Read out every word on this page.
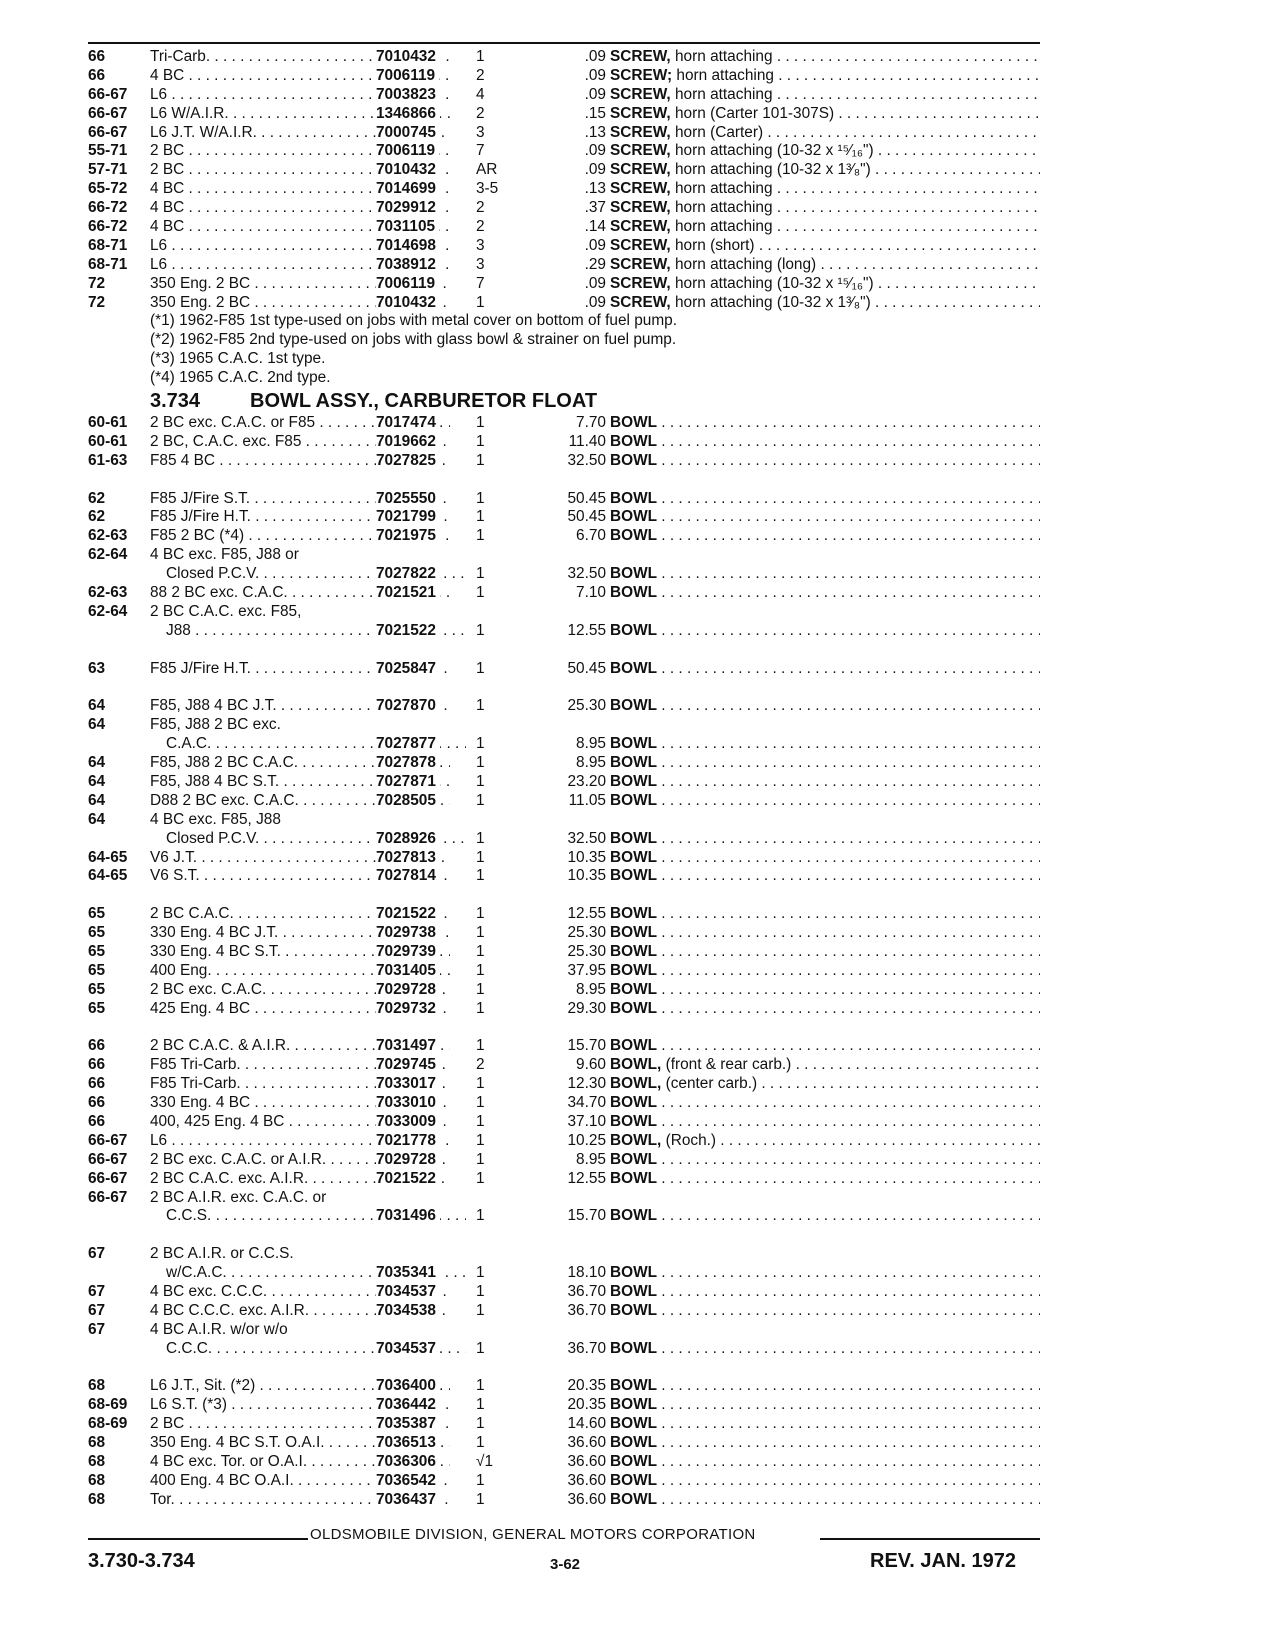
66	Tri-Carb. . . .	7010432	1	.09 SCREW, horn attaching . . .
66	4 BC . . .	7006119	2	.09 SCREW; horn attaching . . .
66-67 L6 . . .	7003823	4	.09 SCREW, horn attaching . . .
66-67 L6 W/A.I.R. . . .	1346866	2	.15 SCREW, horn (Carter 101-307S) . . .
66-67 L6 J.T. W/A.I.R. . . .	7000745	3	.13 SCREW, horn (Carter) . . .
55-71 2 BC . . .	7006119	7	.09 SCREW, horn attaching (10-32 x ¹⁵⁄₁₆") . . .
57-71 2 BC . . .	7010432	AR	.09 SCREW, horn attaching (10-32 x 1³⁄₈") . . .
65-72 4 BC . . .	7014699	3-5	.13 SCREW, horn attaching . . .
66-72 4 BC . . .	7029912	2	.37 SCREW, horn attaching . . .
66-72 4 BC . . .	7031105	2	.14 SCREW, horn attaching . . .
68-71 L6 . . .	7014698	3	.09 SCREW, horn (short) . . .
68-71 L6 . . .	7038912	3	.29 SCREW, horn attaching (long) . . .
72	350 Eng. 2 BC . . .	7006119	7	.09 SCREW, horn attaching (10-32 x ¹⁵⁄₁₆") . . .
72	350 Eng. 2 BC . . .	7010432	1	.09 SCREW, horn attaching (10-32 x 1³⁄₈") . . .
(*1) 1962-F85 1st type-used on jobs with metal cover on bottom of fuel pump.
(*2) 1962-F85 2nd type-used on jobs with glass bowl & strainer on fuel pump.
(*3) 1965 C.A.C. 1st type.
(*4) 1965 C.A.C. 2nd type.
3.734 BOWL ASSY., CARBURETOR FLOAT
60-61 2 BC exc. C.A.C. or F85 . . . .	7017474	1	7.70 BOWL . . .
60-61 2 BC, C.A.C. exc. F85 . . .	7019662	1	11.40 BOWL . . .
61-63 F85 4 BC . . .	7027825	1	32.50 BOWL . . .
62	F85 J/Fire S.T. . . .	7025550	1	50.45 BOWL . . .
62	F85 J/Fire H.T. . . .	7021799	1	50.45 BOWL . . .
62-63 F85 2 BC (*4) . . .	7021975	1	6.70 BOWL . . .
62-64 4 BC exc. F85, J88 or
Closed P.C.V. . . .	7027822	1	32.50 BOWL . . .
62-63 88 2 BC exc. C.A.C. . . .	7021521	1	7.10 BOWL . . .
62-64 2 BC C.A.C. exc. F85,
J88 . . .	7021522	1	12.55 BOWL . . .
63	F85 J/Fire H.T. . . .	7025847	1	50.45 BOWL . . .
64	F85, J88 4 BC J.T. . . .	7027870	1	25.30 BOWL . . .
64	F85, J88 2 BC exc.
C.A.C. . . .	7027877	1	8.95 BOWL . . .
64	F85, J88 2 BC C.A.C. . . .	7027878	1	8.95 BOWL . . .
64	F85, J88 4 BC S.T. . . .	7027871	1	23.20 BOWL . . .
64	D88 2 BC exc. C.A.C. . . .	7028505	1	11.05 BOWL . . .
64	4 BC exc. F85, J88
Closed P.C.V. . . .	7028926	1	32.50 BOWL . . .
64-65 V6 J.T. . . .	7027813	1	10.35 BOWL . . .
64-65 V6 S.T. . . .	7027814	1	10.35 BOWL . . .
65	2 BC C.A.C. . . .	7021522	1	12.55 BOWL . . .
65	330 Eng. 4 BC J.T. . . .	7029738	1	25.30 BOWL . . .
65	330 Eng. 4 BC S.T. . . .	7029739	1	25.30 BOWL . . .
65	400 Eng. . . .	7031405	1	37.95 BOWL . . .
65	2 BC exc. C.A.C. . . .	7029728	1	8.95 BOWL . . .
65	425 Eng. 4 BC . . .	7029732	1	29.30 BOWL . . .
66	2 BC C.A.C. & A.I.R. . . .	7031497	1	15.70 BOWL . . .
66	F85 Tri-Carb. . . .	7029745	2	9.60 BOWL, (front & rear carb.) . . .
66	F85 Tri-Carb. . . .	7033017	1	12.30 BOWL, (center carb.) . . .
66	330 Eng. 4 BC . . .	7033010	1	34.70 BOWL . . .
66	400, 425 Eng. 4 BC . . .	7033009	1	37.10 BOWL . . .
66-67 L6 . . .	7021778	1	10.25 BOWL, (Roch.) . . .
66-67 2 BC exc. C.A.C. or A.I.R. . . .	7029728	1	8.95 BOWL . . .
66-67 2 BC C.A.C. exc. A.I.R. . . .	7021522	1	12.55 BOWL . . .
66-67 2 BC A.I.R. exc. C.A.C. or
C.C.S. . . .	7031496	1	15.70 BOWL . . .
67	2 BC A.I.R. or C.C.S.
w/C.A.C. . . .	7035341	1	18.10 BOWL . . .
67	4 BC exc. C.C.C. . . .	7034537	1	36.70 BOWL . . .
67	4 BC C.C.C. exc. A.I.R. . . .	7034538	1	36.70 BOWL . . .
67	4 BC A.I.R. w/or w/o
C.C.C. . . .	7034537	1	36.70 BOWL . . .
68	L6 J.T., Sit. (*2) . . .	7036400	1	20.35 BOWL . . .
68-69 L6 S.T. (*3) . . .	7036442	1	20.35 BOWL . . .
68-69 2 BC . . .	7035387	1	14.60 BOWL . . .
68	350 Eng. 4 BC S.T. O.A.I. . . .	7036513	1	36.60 BOWL . . .
68	4 BC exc. Tor. or O.A.I. . . .	7036306	√1	36.60 BOWL . . .
68	400 Eng. 4 BC O.A.I. . . .	7036542	1	36.60 BOWL . . .
68	Tor. . . .	7036437	1	36.60 BOWL . . .
OLDSMOBILE DIVISION, GENERAL MOTORS CORPORATION
3.730-3.734	3-62	REV. JAN. 1972
